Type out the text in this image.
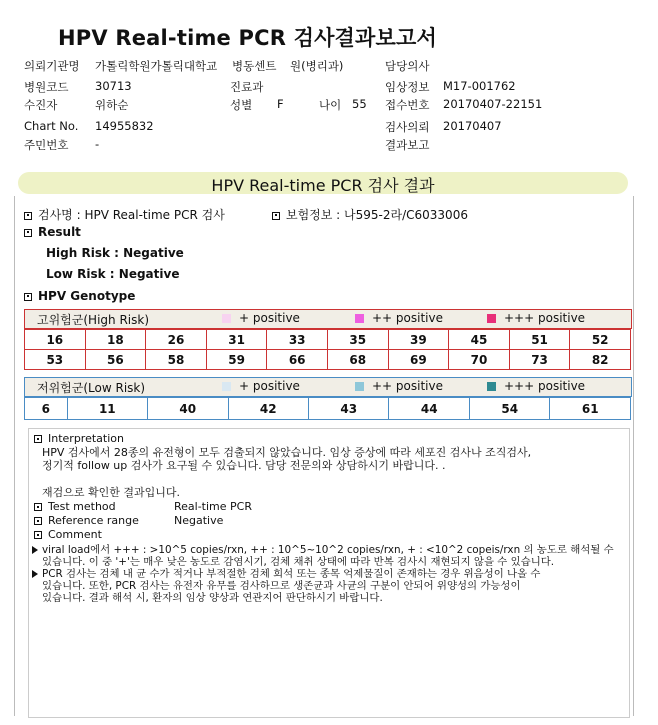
HPV Real-time PCR 검사결과보고서
의뢰기관명 가톨릭학원가톨릭대학교 병동센트 원(병리과)	담당의사
병원코드 30713	진료과	임상정보 M17-001762
수진자	위하순	성별 F	나이 55 접수번호 20170407-22151
Chart No. 14955832	검사의뢰 20170407
주민번호 -	결과보고
HPV Real-time PCR 검사 결과
검사명 : HPV Real-time PCR 검사	보험정보 : 나595-2라/C6033006
Result
High Risk : Negative
Low Risk : Negative
HPV Genotype
고위험군(High Risk)	+ positive	++ positive	+++ positive
16	18	26	31	33	35	39	45	51	52
53	56	58	59	66	68	69	70	73	82
저위험군(Low Risk)	+ positive	++ positive	+++ positive
6	11	40	42	43	44	54	61
Interpretation
HPV 검사에서 28종의 유전형이 모두 검출되지 않았습니다. 임상 증상에 따라 세포진 검사나 조직검사,
정기적 follow up 검사가 요구될 수 있습니다. 담당 전문의와 상담하시기 바랍니다. .
재검으로 확인한 결과입니다.
Test method	Real-time PCR
Reference range	Negative
Comment
viral load에서 +++ : >10^5 copies/rxn, ++ : 10^5~10^2 copies/rxn, + : <10^2 copeis/rxn 의 농도로 해석될 수
있습니다. 이 중 '+'는 매우 낮은 농도로 감염시기, 검체 채취 상태에 따라 반복 검사시 재현되지 않을 수 있습니다.
PCR 검사는 검체 내 균 수가 적거나 부적절한 검체 희석 또는 종목 억제물질이 존재하는 경우 위음성이 나올 수
있습니다. 또한, PCR 검사는 유전자 유무를 검사하므로 생존균과 사균의 구분이 안되어 위양성의 가능성이
있습니다. 결과 해석 시, 환자의 임상 양상과 연관지어 판단하시기 바랍니다.
